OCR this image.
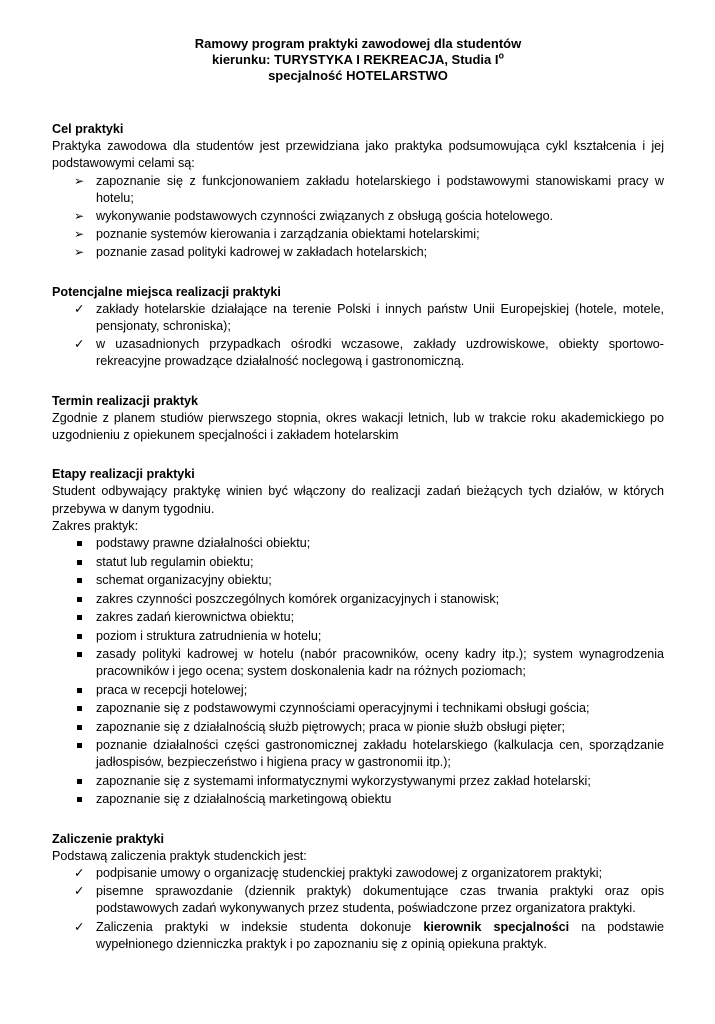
Ramowy program praktyki zawodowej dla studentów
kierunku: TURYSTYKA I REKREACJA, Studia $I^o$
specjalność HOTELARSTWO
Cel praktyki

Praktyka zawodowa dla studentów jest przewidziana jako praktyka podsumowująca cykl kształcenia i jej podstawowymi celami są:

➢ zapoznanie się z funkcjonowaniem zakładu hotelarskiego i podstawowymi stanowiskami pracy w hotelu;
➢ wykonywanie podstawowych czynności związanych z obsługą gościa hotelowego.
➢ poznanie systemów kierowania i zarządzania obiektami hotelarskimi;
➢ poznanie zasad polityki kadrowej w zakładach hotelarskich;
Potencjalne miejsca realizacji praktyki
✓ zakłady hotelarskie działające na terenie Polski i innych państw Unii Europejskiej (hotele, motele, pensjonaty, schroniska);
✓ w uzasadnionych przypadkach ośrodki wczasowe, zakłady uzdrowiskowe, obiekty sportowo-rekreacyjne prowadzące działalność noclegową i gastronomiczną.
Termin realizacji praktyk

Zgodnie z planem studiów pierwszego stopnia, okres wakacji letnich, lub w trakcie roku akademickiego po uzgodnieniu z opiekunem specjalności i zakładem hotelarskim

Etapy realizacji praktyki

Student odbywający praktykę winien być włączony do realizacji zadań bieżących tych działów, w których przebywa w danym tygodniu.

Zakres praktyk:

podstawy prawne działalności obiektu;
statut lub regulamin obiektu;
schemat organizacyjny obiektu;
zakres czynności poszczególnych komórek organizacyjnych i stanowisk;
zakres zadań kierownictwa obiektu;
poziom i struktura zatrudnienia w hotelu;
zasady polityki kadrowej w hotelu (nabór pracowników, oceny kadry itp.); system wynagrodzenia pracowników i jego ocena; system doskonalenia kadr na różnych poziomach;
praca w recepcji hotelowej;
zapoznanie się z podstawowymi czynnościami operacyjnymi i technikami obsługi gościa;
zapoznanie się z działalnością służb piętrowych; praca w pionie służb obsługi pięter;
poznanie działalności części gastronomicznej zakładu hotelarskiego (kalkulacja cen, sporządzanie jadłospisów, bezpieczeństwo i higiena pracy w gastronomii itp.);
zapoznanie się z systemami informatycznymi wykorzystywanymi przez zakład hotelarski;
zapoznanie się z działalnością marketingową obiektu
Zaliczenie praktyki

Podstawą zaliczenia praktyk studenckich jest:

✓ podpisanie umowy o organizację studenckiej praktyki zawodowej z organizatorem praktyki;
✓ pisemne sprawozdanie (dziennik praktyk) dokumentujące czas trwania praktyki oraz opis podstawowych zadań wykonywanych przez studenta, poświadczone przez organizatora praktyki.
✓ Zaliczenia praktyki w indeksie studenta dokonuje kierownik specjalności na podstawie wypełnionego dzienniczka praktyk i po zapoznaniu się z opinią opiekuna praktyk.
